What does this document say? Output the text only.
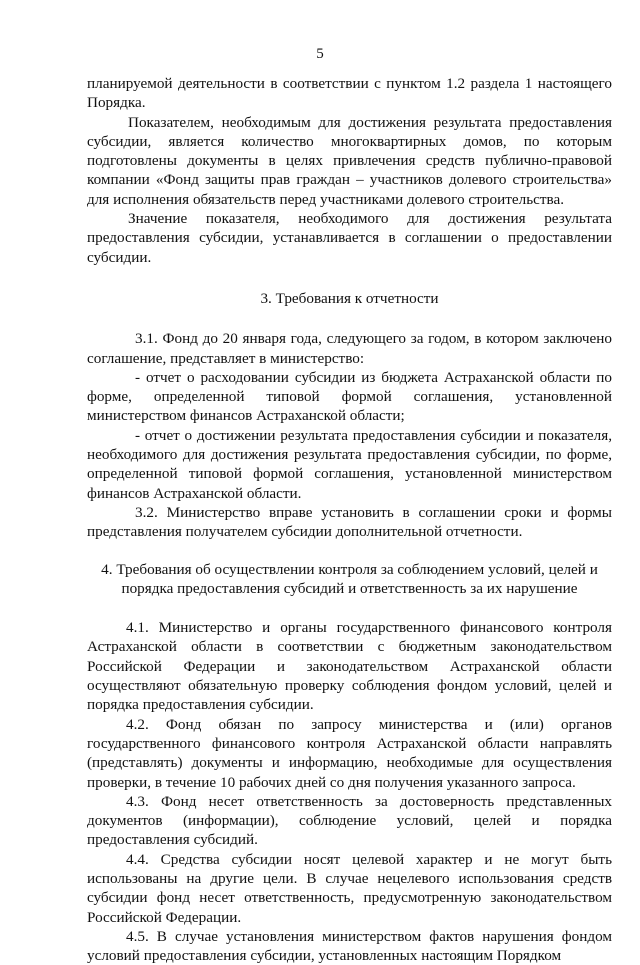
5

планируемой деятельности в соответствии с пунктом 1.2 раздела 1 настоящего Порядка.

Показателем, необходимым для достижения результата предоставления субсидии, является количество многоквартирных домов, по которым подготовлены документы в целях привлечения средств публично-правовой компании «Фонд защиты прав граждан – участников долевого строительства» для исполнения обязательств перед участниками долевого строительства.

Значение показателя, необходимого для достижения результата предоставления субсидии, устанавливается в соглашении о предоставлении субсидии.

3. Требования к отчетности

3.1. Фонд до 20 января года, следующего за годом, в котором заключено соглашение, представляет в министерство:

- отчет о расходовании субсидии из бюджета Астраханской области по форме, определенной типовой формой соглашения, установленной министерством финансов Астраханской области;

- отчет о достижении результата предоставления субсидии и показателя, необходимого для достижения результата предоставления субсидии, по форме, определенной типовой формой соглашения, установленной министерством финансов Астраханской области.

3.2. Министерство вправе установить в соглашении сроки и формы представления получателем субсидии дополнительной отчетности.

4. Требования об осуществлении контроля за соблюдением условий, целей и
порядка предоставления субсидий и ответственность за их нарушение

4.1. Министерство и органы государственного финансового контроля Астраханской области в соответствии с бюджетным законодательством Российской Федерации и законодательством Астраханской области осуществляют обязательную проверку соблюдения фондом условий, целей и порядка предоставления субсидии.

4.2. Фонд обязан по запросу министерства и (или) органов государственного финансового контроля Астраханской области направлять (представлять) документы и информацию, необходимые для осуществления проверки, в течение 10 рабочих дней со дня получения указанного запроса.

4.3. Фонд несет ответственность за достоверность представленных документов (информации), соблюдение условий, целей и порядка предоставления субсидий.

4.4. Средства субсидии носят целевой характер и не могут быть использованы на другие цели. В случае нецелевого использования средств субсидии фонд несет ответственность, предусмотренную законодательством Российской Федерации.

4.5. В случае установления министерством фактов нарушения фондом условий предоставления субсидии, установленных настоящим Порядком
